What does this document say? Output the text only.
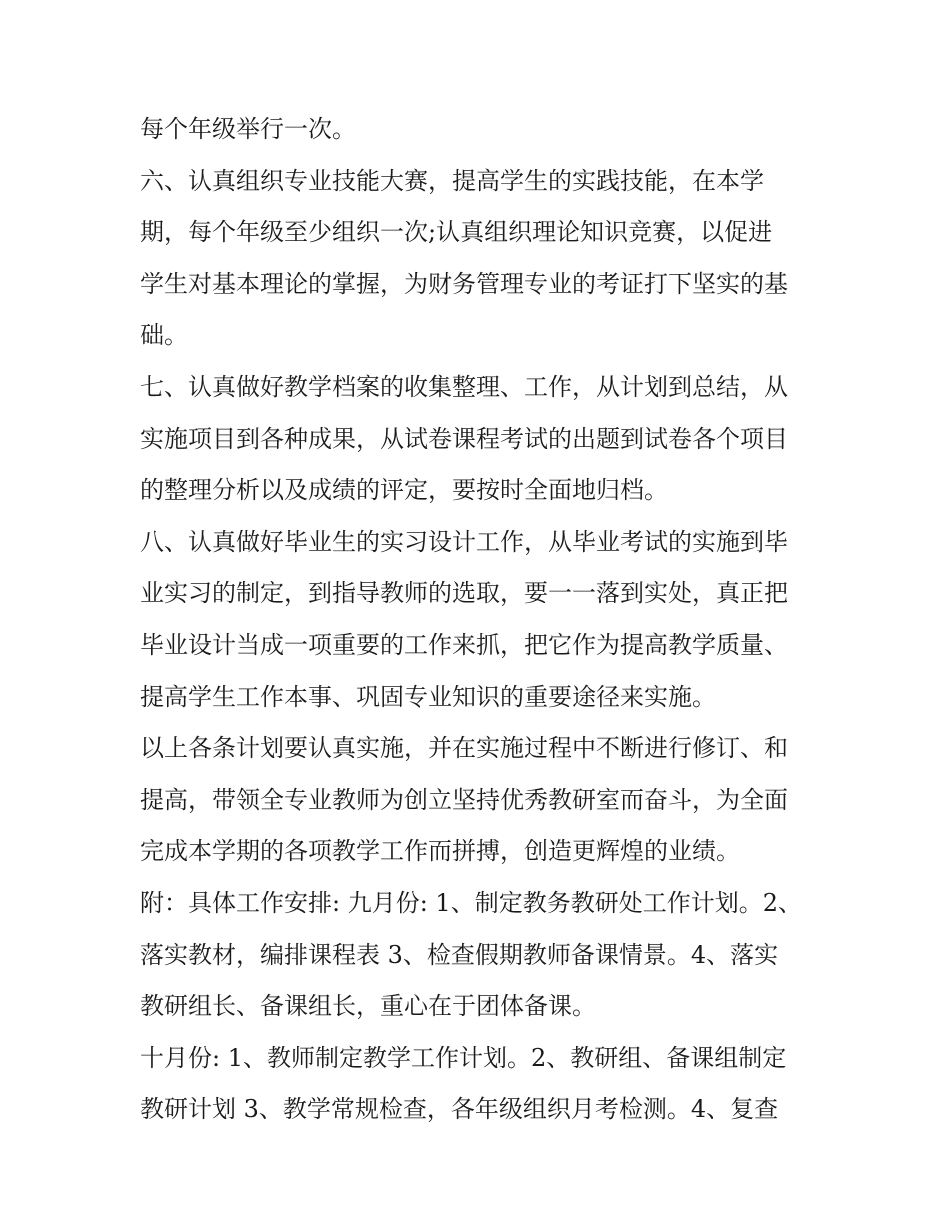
每个年级举行一次。
六、认真组织专业技能大赛，提高学生的实践技能，在本学
期，每个年级至少组织一次;认真组织理论知识竞赛，以促进
学生对基本理论的掌握，为财务管理专业的考证打下坚实的基
础。
七、认真做好教学档案的收集整理、工作，从计划到总结，从
实施项目到各种成果，从试卷课程考试的出题到试卷各个项目
的整理分析以及成绩的评定，要按时全面地归档。
八、认真做好毕业生的实习设计工作，从毕业考试的实施到毕
业实习的制定，到指导教师的选取，要一一落到实处，真正把
毕业设计当成一项重要的工作来抓，把它作为提高教学质量、
提高学生工作本事、巩固专业知识的重要途径来实施。
以上各条计划要认真实施，并在实施过程中不断进行修订、和
提高，带领全专业教师为创立坚持优秀教研室而奋斗，为全面
完成本学期的各项教学工作而拼搏，创造更辉煌的业绩。
附：具体工作安排: 九月份: 1、制定教务教研处工作计划。2、
落实教材，编排课程表 3、检查假期教师备课情景。4、落实
教研组长、备课组长，重心在于团体备课。
十月份: 1、教师制定教学工作计划。2、教研组、备课组制定
教研计划 3、教学常规检查，各年级组织月考检测。4、复查
